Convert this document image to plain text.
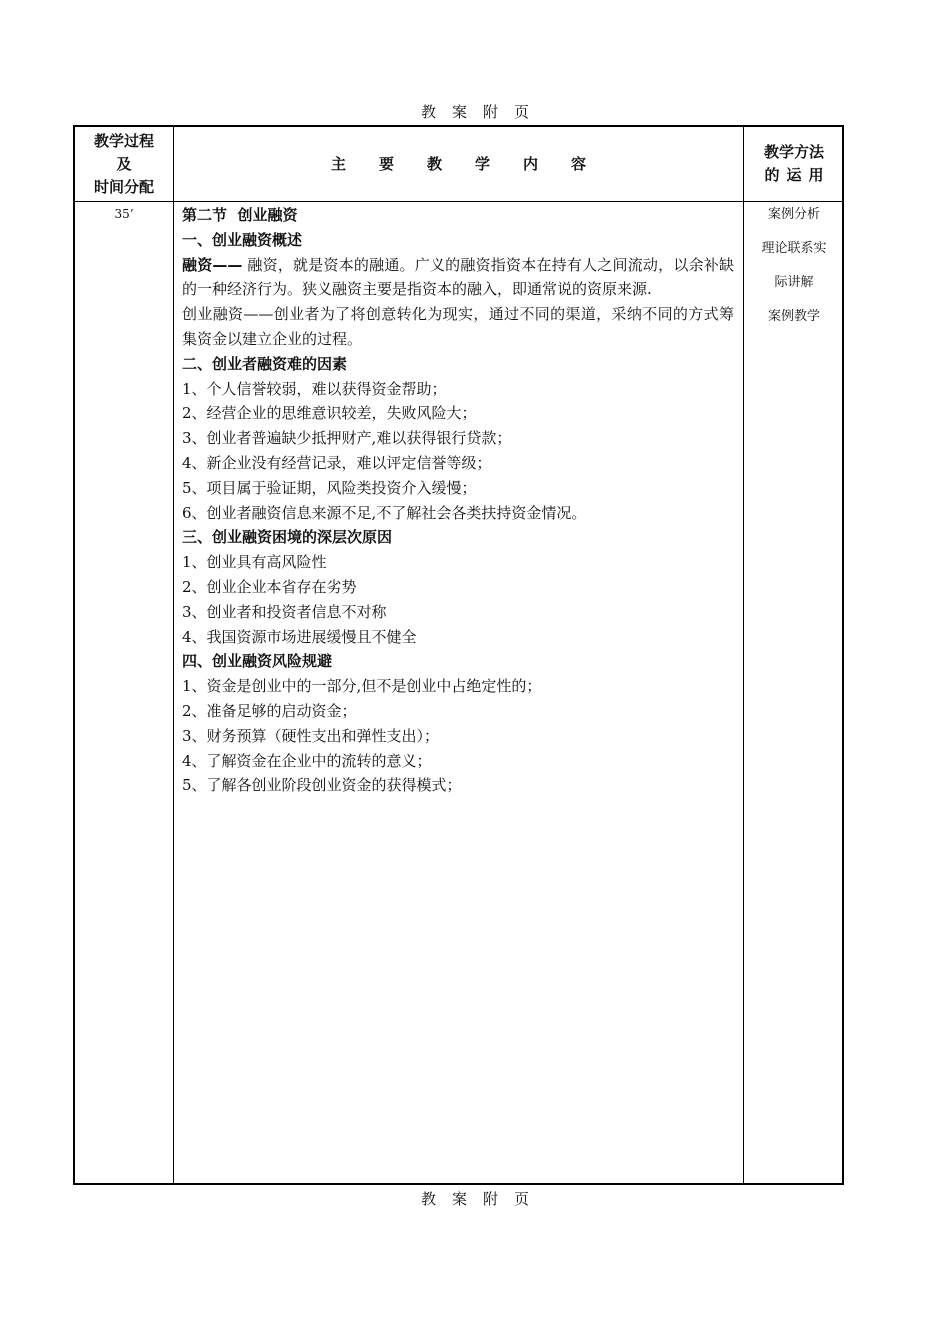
教案附页
教学过程
及
时间分配
主要教学内容
教学方法
的运用
35’	第二节  创业融资

一、创业融资概述

融资—— 融资，就是资本的融通。广义的融资指资本在持有人之间流动，以余补缺的一种经济行为。狭义融资主要是指资本的融入，即通常说的资原来源.

创业融资——创业者为了将创意转化为现实，通过不同的渠道，采纳不同的方式筹集资金以建立企业的过程。

二、创业者融资难的因素

1、个人信誉较弱，难以获得资金帮助；

2、经营企业的思维意识较差，失败风险大；

3、创业者普遍缺少抵押财产,难以获得银行贷款；

4、新企业没有经营记录，难以评定信誉等级；

5、项目属于验证期，风险类投资介入缓慢；

6、创业者融资信息来源不足,不了解社会各类扶持资金情况。

三、创业融资困境的深层次原因

1、创业具有高风险性

2、创业企业本省存在劣势

3、创业者和投资者信息不对称

4、我国资源市场进展缓慢且不健全

四、创业融资风险规避

1、资金是创业中的一部分,但不是创业中占绝定性的；

2、准备足够的启动资金；

3、财务预算（硬性支出和弹性支出）；

4、了解资金在企业中的流转的意义；

5、了解各创业阶段创业资金的获得模式；

案例分析
理论联系实
际讲解
案例教学
教案附页
